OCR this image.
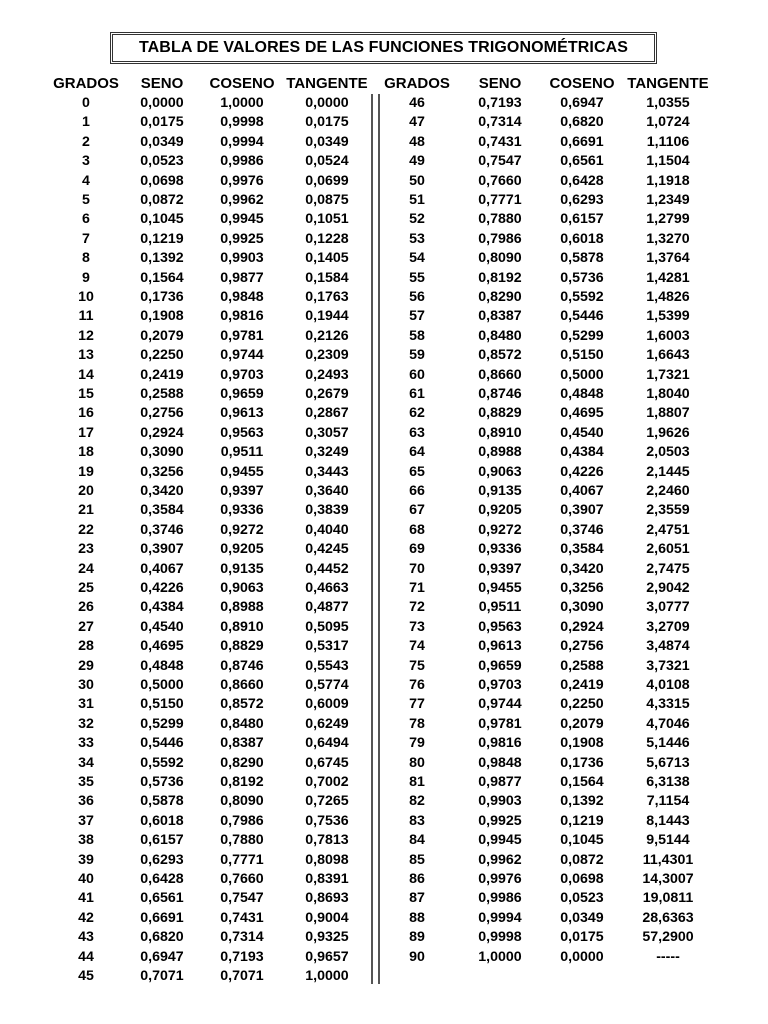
TABLA DE VALORES DE LAS FUNCIONES TRIGONOMÉTRICAS
GRADOS	SENO	COSENO TANGENTE GRADOS	SENO	COSENO TANGENTE
0	0,0000	1,0000	0,0000
1	0,0175	0,9998	0,0175
2	0,0349	0,9994	0,0349
3	0,0523	0,9986	0,0524
4	0,0698	0,9976	0,0699
5	0,0872	0,9962	0,0875
6	0,1045	0,9945	0,1051
7	0,1219	0,9925	0,1228
8	0,1392	0,9903	0,1405
9	0,1564	0,9877	0,1584
10	0,1736	0,9848	0,1763
11	0,1908	0,9816	0,1944
12	0,2079	0,9781	0,2126
13	0,2250	0,9744	0,2309
14	0,2419	0,9703	0,2493
15	0,2588	0,9659	0,2679
16	0,2756	0,9613	0,2867
17	0,2924	0,9563	0,3057
18	0,3090	0,9511	0,3249
19	0,3256	0,9455	0,3443
20	0,3420	0,9397	0,3640
21	0,3584	0,9336	0,3839
22	0,3746	0,9272	0,4040
23	0,3907	0,9205	0,4245
24	0,4067	0,9135	0,4452
25	0,4226	0,9063	0,4663
26	0,4384	0,8988	0,4877
27	0,4540	0,8910	0,5095
28	0,4695	0,8829	0,5317
29	0,4848	0,8746	0,5543
30	0,5000	0,8660	0,5774
31	0,5150	0,8572	0,6009
32	0,5299	0,8480	0,6249
33	0,5446	0,8387	0,6494
34	0,5592	0,8290	0,6745
35	0,5736	0,8192	0,7002
36	0,5878	0,8090	0,7265
37	0,6018	0,7986	0,7536
38	0,6157	0,7880	0,7813
39	0,6293	0,7771	0,8098
40	0,6428	0,7660	0,8391
41	0,6561	0,7547	0,8693
42	0,6691	0,7431	0,9004
43	0,6820	0,7314	0,9325
44	0,6947	0,7193	0,9657
45	0,7071	0,7071	1,0000
46	0,7193	0,6947	1,0355
47	0,7314	0,6820	1,0724
48	0,7431	0,6691	1,1106
49	0,7547	0,6561	1,1504
50	0,7660	0,6428	1,1918
51	0,7771	0,6293	1,2349
52	0,7880	0,6157	1,2799
53	0,7986	0,6018	1,3270
54	0,8090	0,5878	1,3764
55	0,8192	0,5736	1,4281
56	0,8290	0,5592	1,4826
57	0,8387	0,5446	1,5399
58	0,8480	0,5299	1,6003
59	0,8572	0,5150	1,6643
60	0,8660	0,5000	1,7321
61	0,8746	0,4848	1,8040
62	0,8829	0,4695	1,8807
63	0,8910	0,4540	1,9626
64	0,8988	0,4384	2,0503
65	0,9063	0,4226	2,1445
66	0,9135	0,4067	2,2460
67	0,9205	0,3907	2,3559
68	0,9272	0,3746	2,4751
69	0,9336	0,3584	2,6051
70	0,9397	0,3420	2,7475
71	0,9455	0,3256	2,9042
72	0,9511	0,3090	3,0777
73	0,9563	0,2924	3,2709
74	0,9613	0,2756	3,4874
75	0,9659	0,2588	3,7321
76	0,9703	0,2419	4,0108
77	0,9744	0,2250	4,3315
78	0,9781	0,2079	4,7046
79	0,9816	0,1908	5,1446
80	0,9848	0,1736	5,6713
81	0,9877	0,1564	6,3138
82	0,9903	0,1392	7,1154
83	0,9925	0,1219	8,1443
84	0,9945	0,1045	9,5144
85	0,9962	0,0872	11,4301
86	0,9976	0,0698	14,3007
87	0,9986	0,0523	19,0811
88	0,9994	0,0349	28,6363
89	0,9998	0,0175	57,2900
90	1,0000	0,0000	-----
